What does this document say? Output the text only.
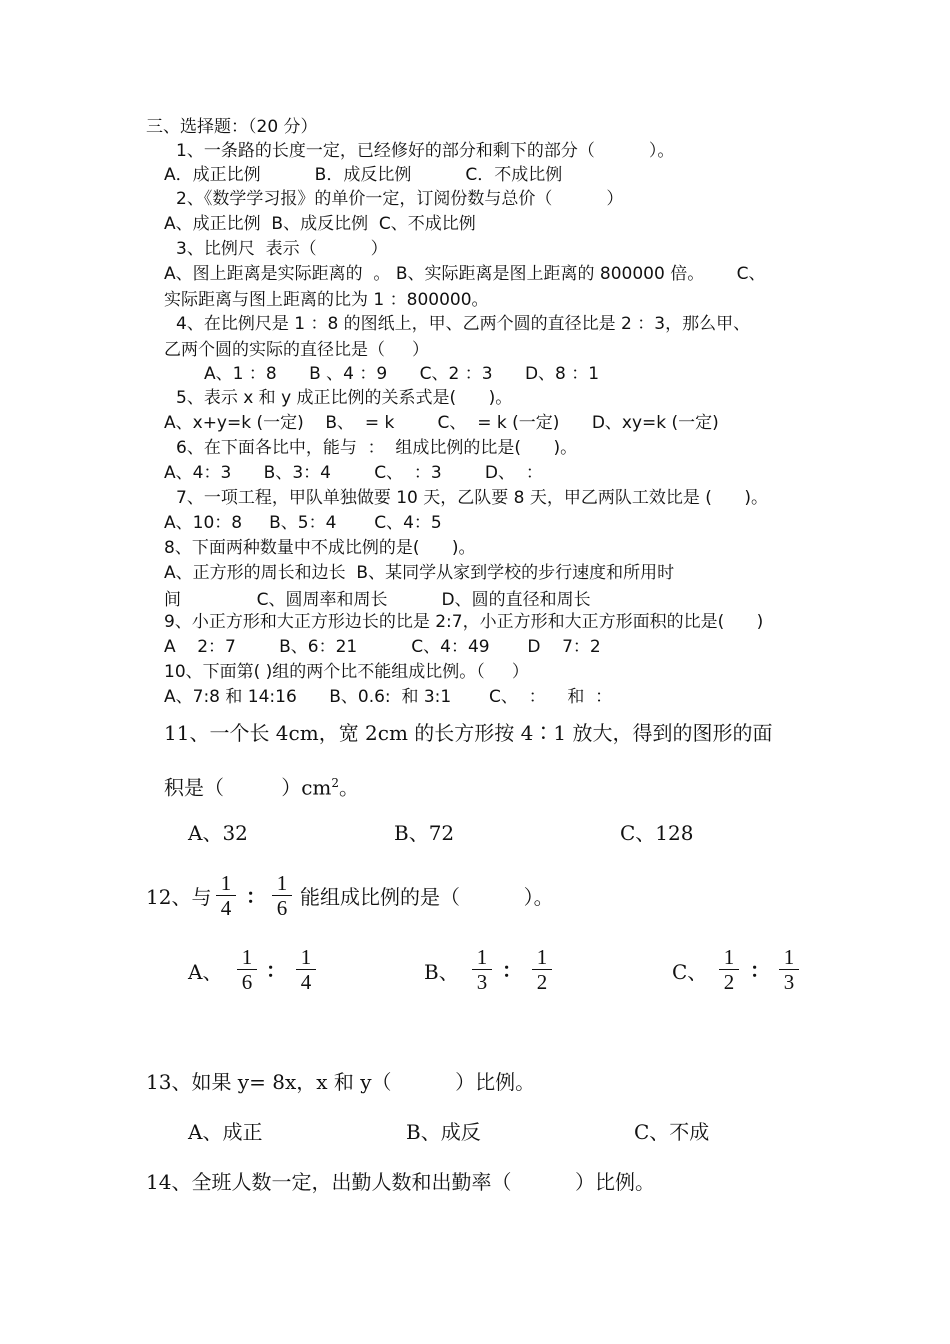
三、选择题：（20 分）
1、一条路的长度一定，已经修好的部分和剩下的部分（          ）。
A．成正比例          B．成反比例          C．不成比例
2、《数学学习报》的单价一定，订阅份数与总价（          ）
A、成正比例  B、成反比例  C、不成比例
3、比例尺  表示（          ）
A、图上距离是实际距离的  。 B、实际距离是图上距离的 800000 倍。      C、
实际距离与图上距离的比为 1 ：800000。
4、在比例尺是 1 ：8 的图纸上，甲、乙两个圆的直径比是 2 ：3，那么甲、
乙两个圆的实际的直径比是（     ）
A、1 ：8      B 、4 ：9      C、2 ：3      D、8 ：1
5、表示 x 和 y 成正比例的关系式是(      )。
A、x+y=k (一定)    B、  = k        C、  = k (一定)      D、xy=k (一定)
6、在下面各比中，能与  ：  组成比例的比是(      )。
A、4：3      B、3：4        C、  ：3        D、  ：
7、一项工程，甲队单独做要 10 天，乙队要 8 天，甲乙两队工效比是 (      )。
A、10：8     B、5：4       C、4：5
8、下面两种数量中不成比例的是(      )。
A、正方形的周长和边长  B、某同学从家到学校的步行速度和所用时
间              C、圆周率和周长          D、圆的直径和周长
9、小正方形和大正方形边长的比是 2:7，小正方形和大正方形面积的比是(      )
A    2：7        B、6：21          C、4：49       D    7：2
10、下面第( )组的两个比不能组成比例。（     ）
A、7:8 和 14:16      B、0.6:  和 3:1       C、  ：    和  ：
11、一个长 4cm，宽 2cm 的长方形按 4∶1 放大，得到的图形的面
积是（         ）$cm^2$。
A、32	B、72	C、128
12、与 $\frac{1}{4}$ ： $\frac{1}{6}$ 能组成比例的是（          ）。
A、 $\frac{1}{6}$ ： $\frac{1}{4}$	B、 $\frac{1}{3}$ ： $\frac{1}{2}$	C、 $\frac{1}{2}$ ： $\frac{1}{3}$
13、如果 y= 8x，x 和 y（          ）比例。
A、成正	B、成反	C、不成
14、全班人数一定，出勤人数和出勤率（          ）比例。
